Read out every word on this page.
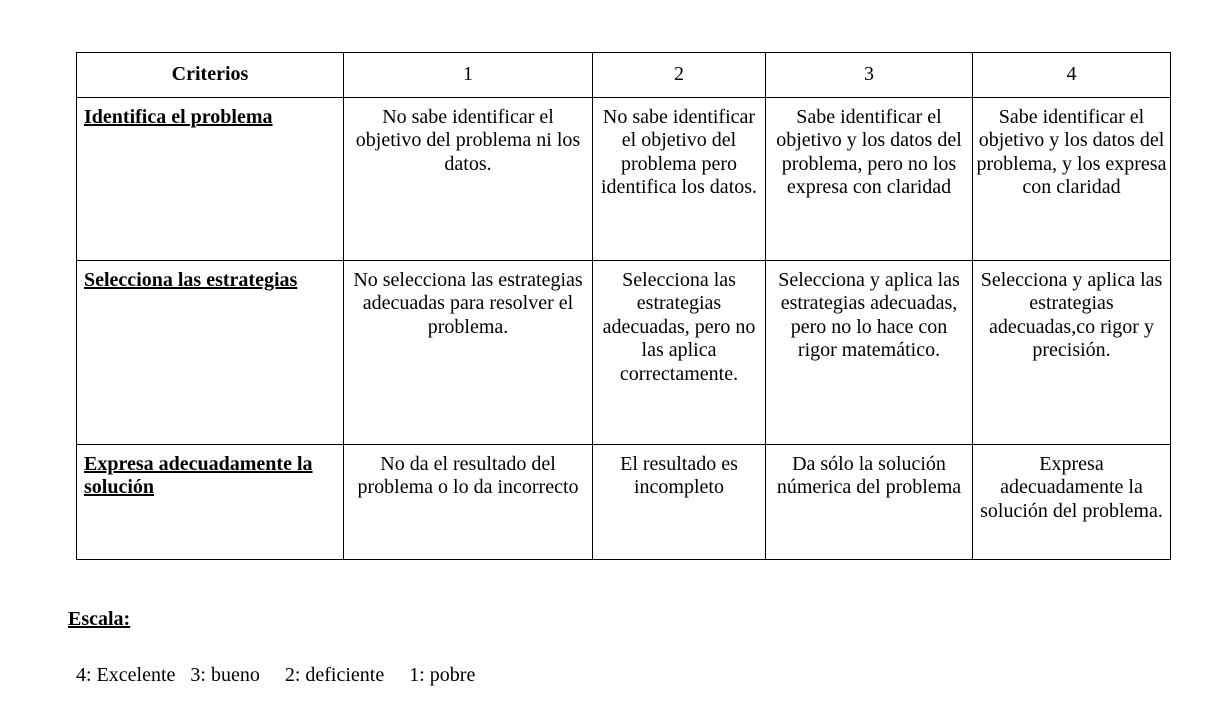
Criterios	1	2	3	4
Identifica el problema	No sabe identificar el objetivo del problema ni los datos.	No sabe identificar el objetivo del problema pero identifica los datos.	Sabe identificar el objetivo y los datos del problema, pero no los expresa con claridad	Sabe identificar el objetivo y los datos del problema, y los expresa con claridad
Selecciona las estrategias	No selecciona las estrategias adecuadas para resolver el problema.	Selecciona las estrategias adecuadas, pero no las aplica correctamente.	Selecciona y aplica las estrategias adecuadas, pero no lo hace con rigor matemático.	Selecciona y aplica las estrategias adecuadas,co rigor y precisión.
Expresa adecuadamente la solución	No da el resultado del problema o lo da incorrecto	El resultado es incompleto	Da sólo la solución númerica del problema	Expresa adecuadamente la solución del problema.
Escala:
4: Excelente   3: bueno     2: deficiente     1: pobre
